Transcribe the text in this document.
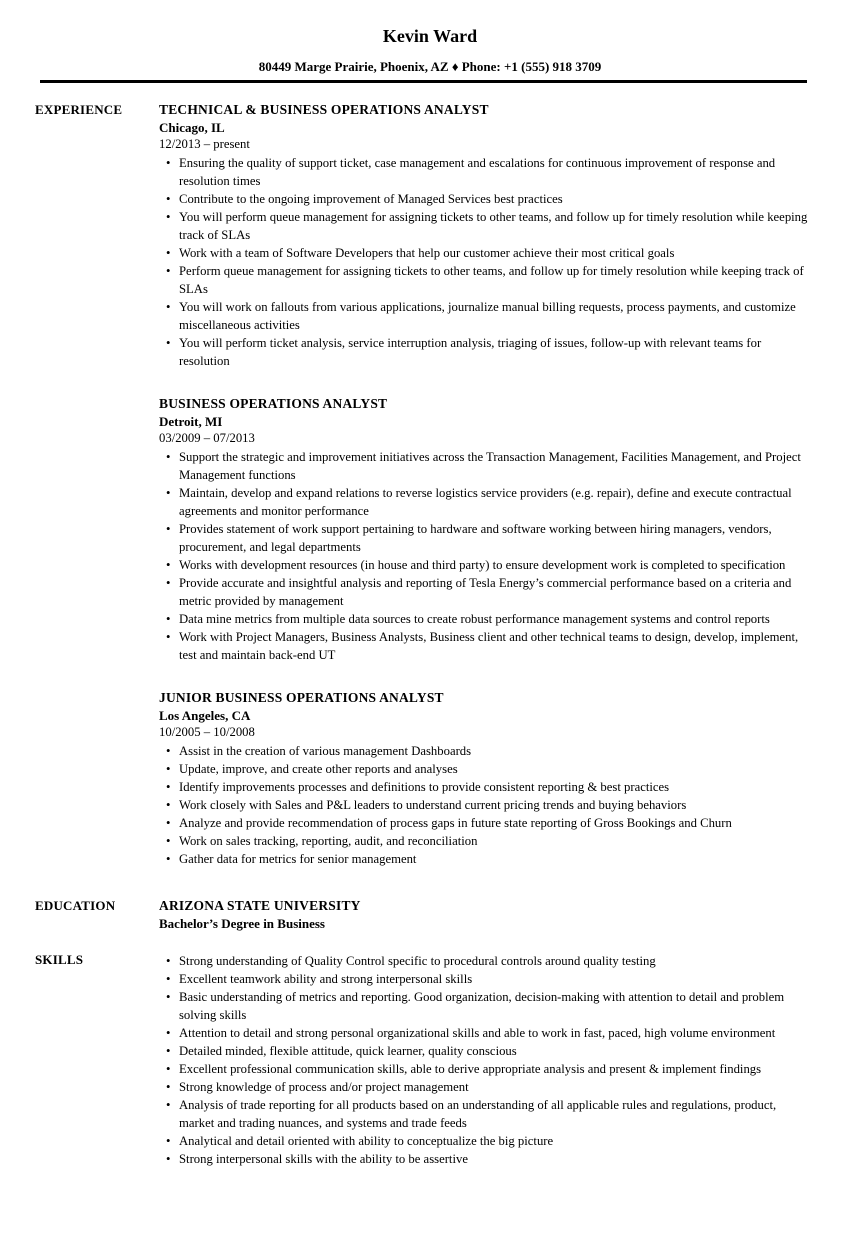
Kevin Ward
80449 Marge Prairie, Phoenix, AZ ♦ Phone: +1 (555) 918 3709
EXPERIENCE	TECHNICAL & BUSINESS OPERATIONS ANALYST
Chicago, IL
12/2013 – present
• Ensuring the quality of support ticket, case management and escalations for continuous improvement of response and resolution times
• Contribute to the ongoing improvement of Managed Services best practices
• You will perform queue management for assigning tickets to other teams, and follow up for timely resolution while keeping track of SLAs
• Work with a team of Software Developers that help our customer achieve their most critical goals
• Perform queue management for assigning tickets to other teams, and follow up for timely resolution while keeping track of SLAs
• You will work on fallouts from various applications, journalize manual billing requests, process payments, and customize miscellaneous activities
• You will perform ticket analysis, service interruption analysis, triaging of issues, follow-up with relevant teams for resolution
BUSINESS OPERATIONS ANALYST
Detroit, MI
03/2009 – 07/2013
• Support the strategic and improvement initiatives across the Transaction Management, Facilities Management, and Project Management functions
• Maintain, develop and expand relations to reverse logistics service providers (e.g. repair), define and execute contractual agreements and monitor performance
• Provides statement of work support pertaining to hardware and software working between hiring managers, vendors, procurement, and legal departments
• Works with development resources (in house and third party) to ensure development work is completed to specification
• Provide accurate and insightful analysis and reporting of Tesla Energy’s commercial performance based on a criteria and metric provided by management
• Data mine metrics from multiple data sources to create robust performance management systems and control reports
• Work with Project Managers, Business Analysts, Business client and other technical teams to design, develop, implement, test and maintain back-end UT
JUNIOR BUSINESS OPERATIONS ANALYST
Los Angeles, CA
10/2005 – 10/2008
• Assist in the creation of various management Dashboards
• Update, improve, and create other reports and analyses
• Identify improvements processes and definitions to provide consistent reporting & best practices
• Work closely with Sales and P&L leaders to understand current pricing trends and buying behaviors
• Analyze and provide recommendation of process gaps in future state reporting of Gross Bookings and Churn
• Work on sales tracking, reporting, audit, and reconciliation
• Gather data for metrics for senior management
EDUCATION	ARIZONA STATE UNIVERSITY
Bachelor’s Degree in Business
SKILLS	• Strong understanding of Quality Control specific to procedural controls around quality testing
• Excellent teamwork ability and strong interpersonal skills
• Basic understanding of metrics and reporting. Good organization, decision-making with attention to detail and problem solving skills
• Attention to detail and strong personal organizational skills and able to work in fast, paced, high volume environment
• Detailed minded, flexible attitude, quick learner, quality conscious
• Excellent professional communication skills, able to derive appropriate analysis and present & implement findings
• Strong knowledge of process and/or project management
• Analysis of trade reporting for all products based on an understanding of all applicable rules and regulations, product, market and trading nuances, and systems and trade feeds
• Analytical and detail oriented with ability to conceptualize the big picture
• Strong interpersonal skills with the ability to be assertive
